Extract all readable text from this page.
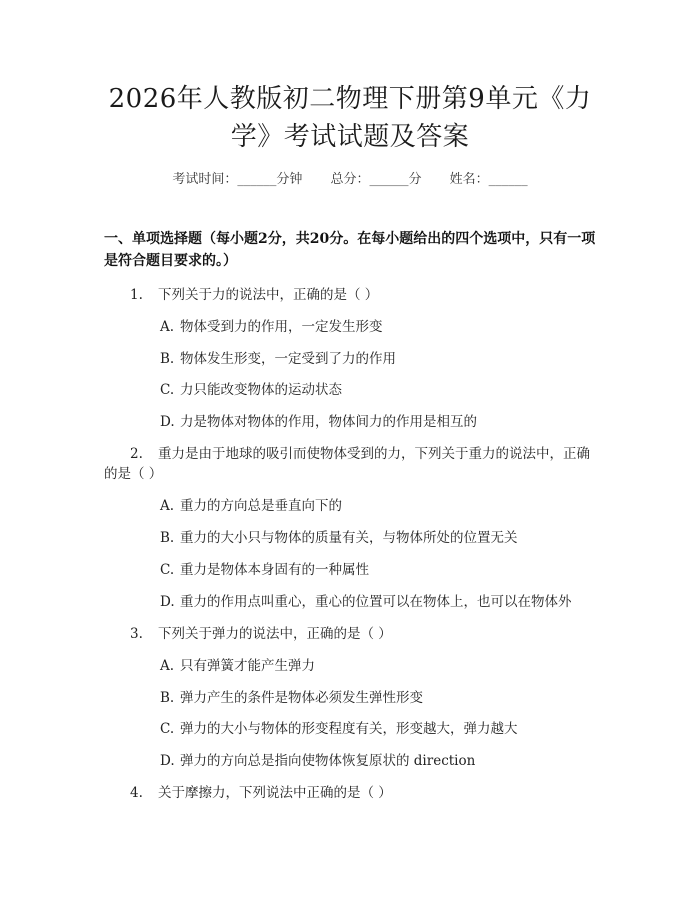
2026年人教版初二物理下册第9单元《力
学》考试试题及答案
考试时间：______分钟 总分：______分 姓名：______
一、单项选择题（每小题2分，共20分。在每小题给出的四个选项中，只有一项
是符合题目要求的。）
1. 下列关于力的说法中，正确的是（ ）
A. 物体受到力的作用，一定发生形变
B. 物体发生形变，一定受到了力的作用
C. 力只能改变物体的运动状态
D. 力是物体对物体的作用，物体间力的作用是相互的
2. 重力是由于地球的吸引而使物体受到的力，下列关于重力的说法中，正确
的是（ ）
A. 重力的方向总是垂直向下的
B. 重力的大小只与物体的质量有关，与物体所处的位置无关
C. 重力是物体本身固有的一种属性
D. 重力的作用点叫重心，重心的位置可以在物体上，也可以在物体外
3. 下列关于弹力的说法中，正确的是（ ）
A. 只有弹簧才能产生弹力
B. 弹力产生的条件是物体必须发生弹性形变
C. 弹力的大小与物体的形变程度有关，形变越大，弹力越大
D. 弹力的方向总是指向使物体恢复原状的 direction
4. 关于摩擦力，下列说法中正确的是（ ）
